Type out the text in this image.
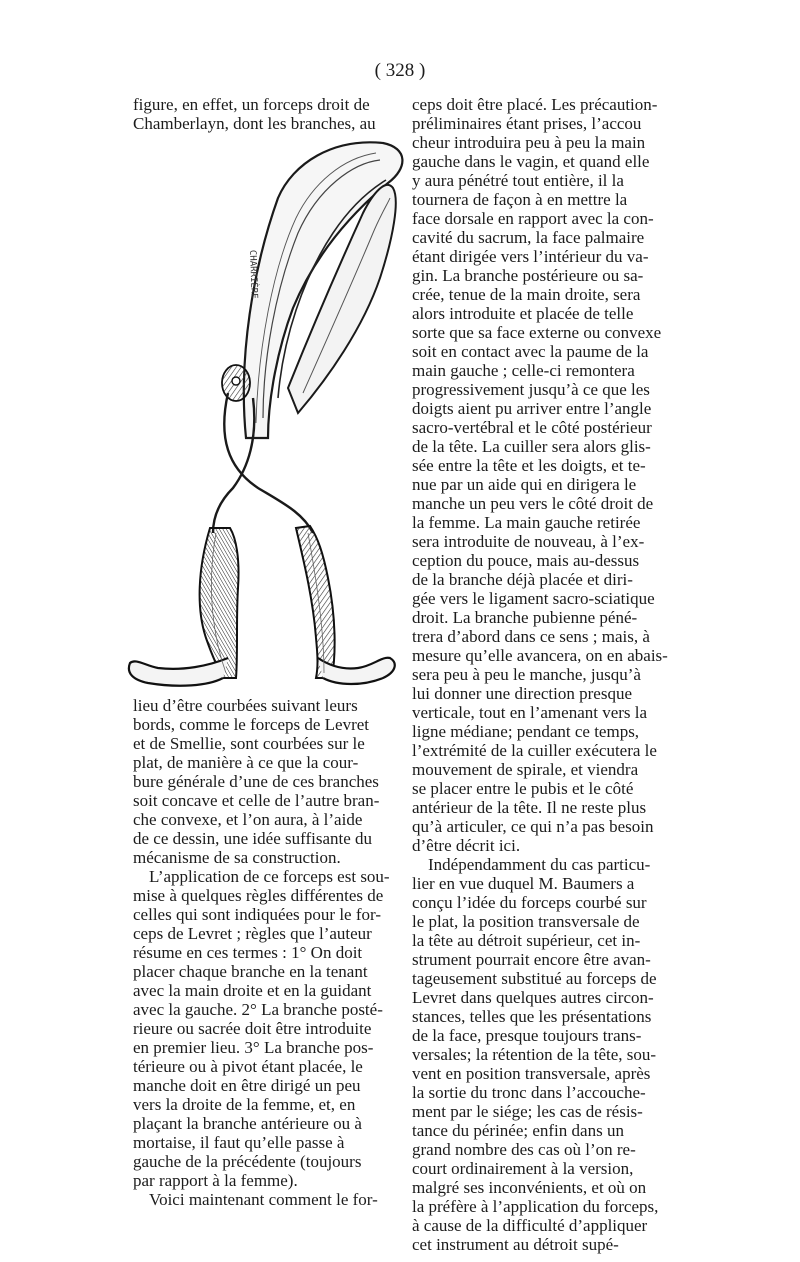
( 328 )
figure, en effet, un forceps droit de
Chamberlayn, dont les branches, au
CHARRIÈRE
lieu d’être courbées suivant leurs
bords, comme le forceps de Levret
et de Smellie, sont courbées sur le
plat, de manière à ce que la cour-
bure générale d’une de ces branches
soit concave et celle de l’autre bran-
che convexe, et l’on aura, à l’aide
de ce dessin, une idée suffisante du
mécanisme de sa construction.
L’application de ce forceps est sou-
mise à quelques règles différentes de
celles qui sont indiquées pour le for-
ceps de Levret ; règles que l’auteur
résume en ces termes : 1° On doit
placer chaque branche en la tenant
avec la main droite et en la guidant
avec la gauche. 2° La branche posté-
rieure ou sacrée doit être introduite
en premier lieu. 3° La branche pos-
térieure ou à pivot étant placée, le
manche doit en être dirigé un peu
vers la droite de la femme, et, en
plaçant la branche antérieure ou à
mortaise, il faut qu’elle passe à
gauche de la précédente (toujours
par rapport à la femme).
Voici maintenant comment le for-
ceps doit être placé. Les précaution-
préliminaires étant prises, l’accou
cheur introduira peu à peu la main
gauche dans le vagin, et quand elle
y aura pénétré tout entière, il la
tournera de façon à en mettre la
face dorsale en rapport avec la con-
cavité du sacrum, la face palmaire
étant dirigée vers l’intérieur du va-
gin. La branche postérieure ou sa-
crée, tenue de la main droite, sera
alors introduite et placée de telle
sorte que sa face externe ou convexe
soit en contact avec la paume de la
main gauche ; celle-ci remontera
progressivement jusqu’à ce que les
doigts aient pu arriver entre l’angle
sacro-vertébral et le côté postérieur
de la tête. La cuiller sera alors glis-
sée entre la tête et les doigts, et te-
nue par un aide qui en dirigera le
manche un peu vers le côté droit de
la femme. La main gauche retirée
sera introduite de nouveau, à l’ex-
ception du pouce, mais au-dessus
de la branche déjà placée et diri-
gée vers le ligament sacro-sciatique
droit. La branche pubienne péné-
trera d’abord dans ce sens ; mais, à
mesure qu’elle avancera, on en abais-
sera peu à peu le manche, jusqu’à
lui donner une direction presque
verticale, tout en l’amenant vers la
ligne médiane; pendant ce temps,
l’extrémité de la cuiller exécutera le
mouvement de spirale, et viendra
se placer entre le pubis et le côté
antérieur de la tête. Il ne reste plus
qu’à articuler, ce qui n’a pas besoin
d’être décrit ici.
Indépendamment du cas particu-
lier en vue duquel M. Baumers a
conçu l’idée du forceps courbé sur
le plat, la position transversale de
la tête au détroit supérieur, cet in-
strument pourrait encore être avan-
tageusement substitué au forceps de
Levret dans quelques autres circon-
stances, telles que les présentations
de la face, presque toujours trans-
versales; la rétention de la tête, sou-
vent en position transversale, après
la sortie du tronc dans l’accouche-
ment par le siége; les cas de résis-
tance du périnée; enfin dans un
grand nombre des cas où l’on re-
court ordinairement à la version,
malgré ses inconvénients, et où on
la préfère à l’application du forceps,
à cause de la difficulté d’appliquer
cet instrument au détroit supé-
